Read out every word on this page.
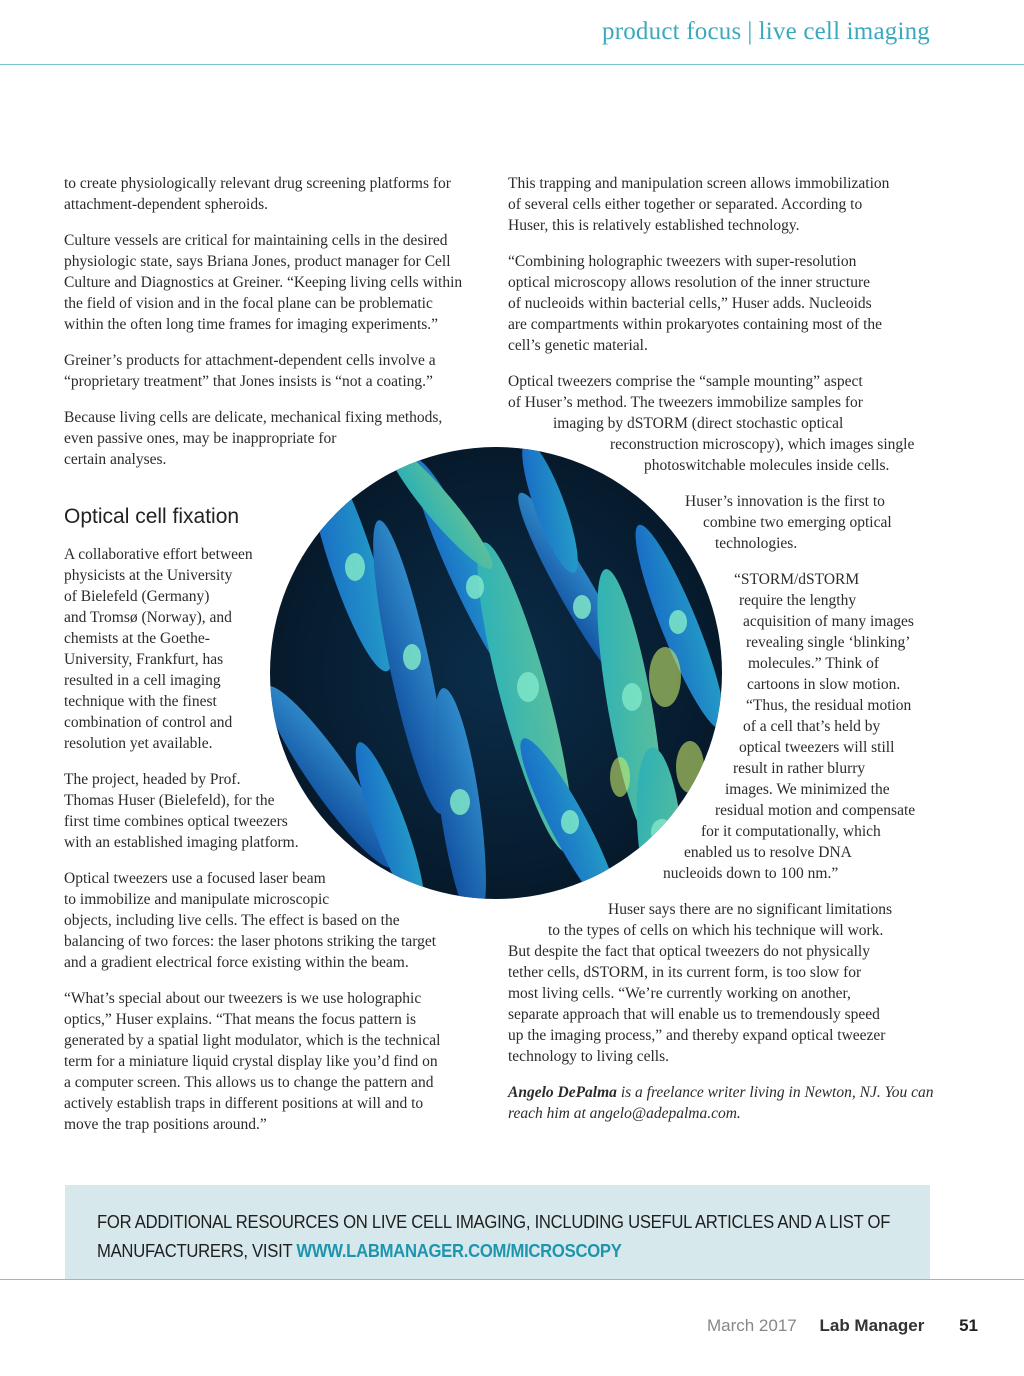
product focus | live cell imaging

to create physiologically relevant drug screening platforms for
attachment-dependent spheroids.

Culture vessels are critical for maintaining cells in the desired
physiologic state, says Briana Jones, product manager for Cell
Culture and Diagnostics at Greiner. “Keeping living cells within
the field of vision and in the focal plane can be problematic
within the often long time frames for imaging experiments.”

Greiner’s products for attachment-dependent cells involve a
“proprietary treatment” that Jones insists is “not a coating.”

Because living cells are delicate, mechanical fixing methods,
even passive ones, may be inappropriate for
certain analyses.

Optical cell fixation

A collaborative effort between
physicists at the University
of Bielefeld (Germany)
and Tromsø (Norway), and
chemists at the Goethe-
University, Frankfurt, has
resulted in a cell imaging
technique with the finest
combination of control and
resolution yet available.

The project, headed by Prof.
Thomas Huser (Bielefeld), for the
first time combines optical tweezers
with an established imaging platform.

Optical tweezers use a focused laser beam
to immobilize and manipulate microscopic
objects, including live cells. The effect is based on the
balancing of two forces: the laser photons striking the target
and a gradient electrical force existing within the beam.

“What’s special about our tweezers is we use holographic
optics,” Huser explains. “That means the focus pattern is
generated by a spatial light modulator, which is the technical
term for a miniature liquid crystal display like you’d find on
a computer screen. This allows us to change the pattern and
actively establish traps in different positions at will and to
move the trap positions around.”

This trapping and manipulation screen allows immobilization
of several cells either together or separated. According to
Huser, this is relatively established technology.

“Combining holographic tweezers with super-resolution
optical microscopy allows resolution of the inner structure
of nucleoids within bacterial cells,” Huser adds. Nucleoids
are compartments within prokaryotes containing most of the
cell’s genetic material.

Optical tweezers comprise the “sample mounting” aspect
of Huser’s method. The tweezers immobilize samples for
imaging by dSTORM (direct stochastic optical
reconstruction microscopy), which images single
photoswitchable molecules inside cells.

Huser’s innovation is the first to
combine two emerging optical
technologies.

“STORM/dSTORM
require the lengthy
acquisition of many images
revealing single ‘blinking’
molecules.” Think of
cartoons in slow motion.
“Thus, the residual motion
of a cell that’s held by
optical tweezers will still
result in rather blurry
images. We minimized the
residual motion and compensate
for it computationally, which
enabled us to resolve DNA
nucleoids down to 100 nm.”

Huser says there are no significant limitations
to the types of cells on which his technique will work.
But despite the fact that optical tweezers do not physically
tether cells, dSTORM, in its current form, is too slow for
most living cells. “We’re currently working on another,
separate approach that will enable us to tremendously speed
up the imaging process,” and thereby expand optical tweezer
technology to living cells.

Angelo DePalma is a freelance writer living in Newton, NJ. You can
reach him at angelo@adepalma.com.

FOR ADDITIONAL RESOURCES ON LIVE CELL IMAGING, INCLUDING USEFUL ARTICLES AND A LIST OF
MANUFACTURERS, VISIT WWW.LABMANAGER.COM/MICROSCOPY
March 2017 Lab Manager 51
